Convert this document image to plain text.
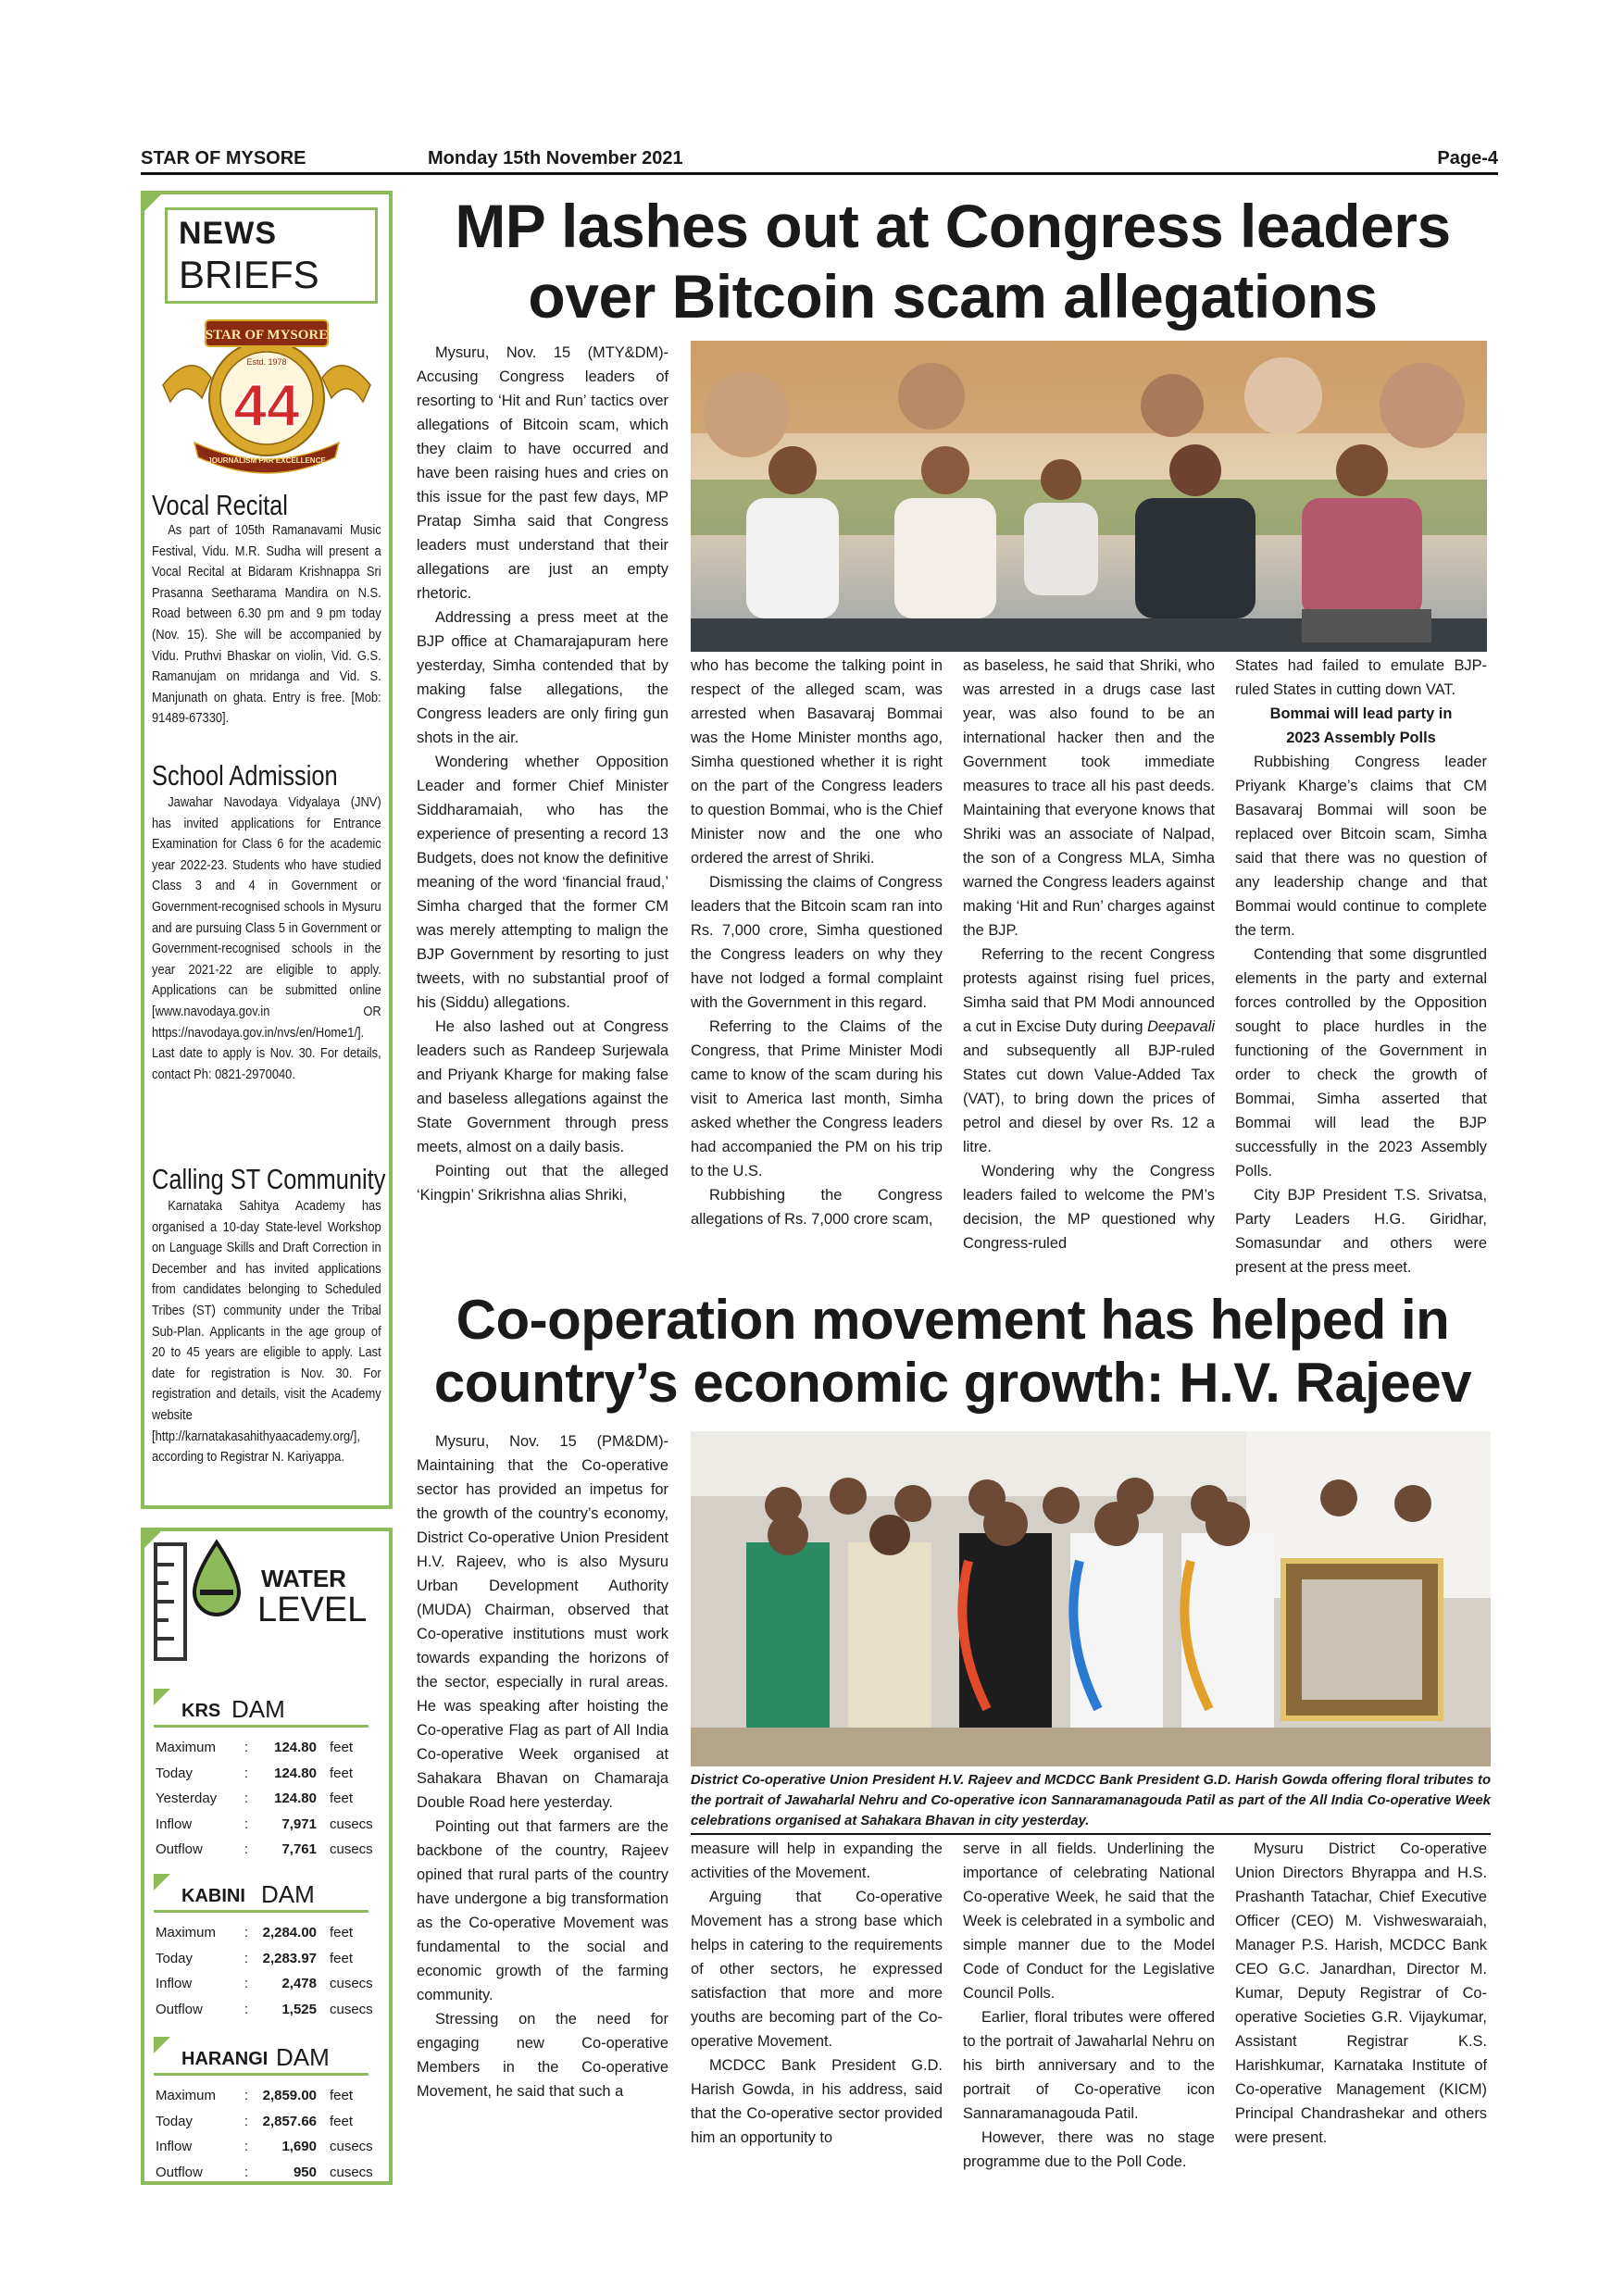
STAR OF MYSORE	Monday 15th November 2021	Page-4
NEWS
BRIEFS
STAR OF MYSORE
Estd. 1978
44
JOURNALISM PAR EXCELLENCE
Vocal Recital
As part of 105th Ramanavami Music Festival, Vidu. M.R. Sudha will present a Vocal Recital at Bidaram Krishnappa Sri Prasanna Seetharama Mandira on N.S. Road between 6.30 pm and 9 pm today (Nov. 15). She will be accompanied by Vidu. Pruthvi Bhaskar on violin, Vid. G.S. Ramanujam on mridanga and Vid. S. Manjunath on ghata. Entry is free. [Mob: 91489-67330].
School Admission
Jawahar Navodaya Vidyalaya (JNV) has invited applications for Entrance Examination for Class 6 for the academic year 2022-23. Students who have studied Class 3 and 4 in Government or Government-recognised schools in Mysuru and are pursuing Class 5 in Government or Government-recognised schools in the year 2021-22 are eligible to apply. Applications can be submitted online [www.navodaya.gov.in OR https://navodaya.gov.in/nvs/en/Home1/]. Last date to apply is Nov. 30. For details, contact Ph: 0821-2970040.
Calling ST Community
Karnataka Sahitya Academy has organised a 10-day State-level Workshop on Language Skills and Draft Correction in December and has invited applications from candidates belonging to Scheduled Tribes (ST) community under the Tribal Sub-Plan. Applicants in the age group of 20 to 45 years are eligible to apply. Last date for registration is Nov. 30. For registration and details, visit the Academy website [http://karnatakasahithyaacademy.org/], according to Registrar N. Kariyappa.
WATER
LEVEL
KRS DAM
Maximum	:	124.80	feet
Today	:	124.80	feet
Yesterday	:	124.80	feet
Inflow	:	7,971	cusecs
Outflow	:	7,761	cusecs
KABINI DAM
Maximum	:	2,284.00	feet
Today	:	2,283.97	feet
Inflow	:	2,478	cusecs
Outflow	:	1,525	cusecs
HARANGI DAM
Maximum	:	2,859.00	feet
Today	:	2,857.66	feet
Inflow	:	1,690	cusecs
Outflow	:	950	cusecs
MP lashes out at Congress leaders
over Bitcoin scam allegations

Mysuru, Nov. 15 (MTY&DM)- Accusing Congress leaders of resorting to ‘Hit and Run’ tactics over allegations of Bitcoin scam, which they claim to have occurred and have been raising hues and cries on this issue for the past few days, MP Pratap Simha said that Congress leaders must understand that their allegations are just an empty rhetoric.

Addressing a press meet at the BJP office at Chamarajapuram here yesterday, Simha contended that by making false allegations, the Congress leaders are only firing gun shots in the air.

Wondering whether Opposition Leader and former Chief Minister Siddharamaiah, who has the experience of presenting a record 13 Budgets, does not know the definitive meaning of the word ‘financial fraud,’ Simha charged that the former CM was merely attempting to malign the BJP Government by resorting to just tweets, with no substantial proof of his (Siddu) allegations.

He also lashed out at Congress leaders such as Randeep Surjewala and Priyank Kharge for making false and baseless allegations against the State Government through press meets, almost on a daily basis.

Pointing out that the alleged ‘Kingpin’ Srikrishna alias Shriki,

who has become the talking point in respect of the alleged scam, was arrested when Basavaraj Bommai was the Home Minister months ago, Simha questioned whether it is right on the part of the Congress leaders to question Bommai, who is the Chief Minister now and the one who ordered the arrest of Shriki.

Dismissing the claims of Congress leaders that the Bitcoin scam ran into Rs. 7,000 crore, Simha questioned the Congress leaders on why they have not lodged a formal complaint with the Government in this regard.

Referring to the Claims of the Congress, that Prime Minister Modi came to know of the scam during his visit to America last month, Simha asked whether the Congress leaders had accompanied the PM on his trip to the U.S.

Rubbishing the Congress allegations of Rs. 7,000 crore scam,

as baseless, he said that Shriki, who was arrested in a drugs case last year, was also found to be an international hacker then and the Government took immediate measures to trace all his past deeds. Maintaining that everyone knows that Shriki was an associate of Nalpad, the son of a Congress MLA, Simha warned the Congress leaders against making ‘Hit and Run’ charges against the BJP.

Referring to the recent Congress protests against rising fuel prices, Simha said that PM Modi announced a cut in Excise Duty during Deepavali and subsequently all BJP-ruled States cut down Value-Added Tax (VAT), to bring down the prices of petrol and diesel by over Rs. 12 a litre.

Wondering why the Congress leaders failed to welcome the PM’s decision, the MP questioned why Congress-ruled

States had failed to emulate BJP-ruled States in cutting down VAT.

Bommai will lead party in

2023 Assembly Polls

Rubbishing Congress leader Priyank Kharge’s claims that CM Basavaraj Bommai will soon be replaced over Bitcoin scam, Simha said that there was no question of any leadership change and that Bommai would continue to complete the term.

Contending that some disgruntled elements in the party and external forces controlled by the Opposition sought to place hurdles in the functioning of the Government in order to check the growth of Bommai, Simha asserted that Bommai will lead the BJP successfully in the 2023 Assembly Polls.

City BJP President T.S. Srivatsa, Party Leaders H.G. Giridhar, Somasundar and others were present at the press meet.

Co-operation movement has helped in
country’s economic growth: H.V. Rajeev

Mysuru, Nov. 15 (PM&DM)- Maintaining that the Co-operative sector has provided an impetus for the growth of the country’s economy, District Co-operative Union President H.V. Rajeev, who is also Mysuru Urban Development Authority (MUDA) Chairman, observed that Co-operative institutions must work towards expanding the horizons of the sector, especially in rural areas. He was speaking after hoisting the Co-operative Flag as part of All India Co-operative Week organised at Sahakara Bhavan on Chamaraja Double Road here yesterday.

Pointing out that farmers are the backbone of the country, Rajeev opined that rural parts of the country have undergone a big transformation as the Co-operative Movement was fundamental to the social and economic growth of the farming community.

Stressing on the need for engaging new Co-operative Members in the Co-operative Movement, he said that such a

District Co-operative Union President H.V. Rajeev and MCDCC Bank President G.D. Harish Gowda offering floral tributes to the portrait of Jawaharlal Nehru and Co-operative icon Sannaramanagouda Patil as part of the All India Co-operative Week celebrations organised at Sahakara Bhavan in city yesterday.

measure will help in expanding the activities of the Movement.

Arguing that Co-operative Movement has a strong base which helps in catering to the requirements of other sectors, he expressed satisfaction that more and more youths are becoming part of the Co-operative Movement.

MCDCC Bank President G.D. Harish Gowda, in his address, said that the Co-operative sector provided him an opportunity to

serve in all fields. Underlining the importance of celebrating National Co-operative Week, he said that the Week is celebrated in a symbolic and simple manner due to the Model Code of Conduct for the Legislative Council Polls.

Earlier, floral tributes were offered to the portrait of Jawaharlal Nehru on his birth anniversary and to the portrait of Co-operative icon Sannaramanagouda Patil.

However, there was no stage programme due to the Poll Code.

Mysuru District Co-operative Union Directors Bhyrappa and H.S. Prashanth Tatachar, Chief Executive Officer (CEO) M. Vishweswaraiah, Manager P.S. Harish, MCDCC Bank CEO G.C. Janardhan, Director M. Kumar, Deputy Registrar of Co-operative Societies G.R. Vijaykumar, Assistant Registrar K.S. Harishkumar, Karnataka Institute of Co-operative Management (KICM) Principal Chandrashekar and others were present.
